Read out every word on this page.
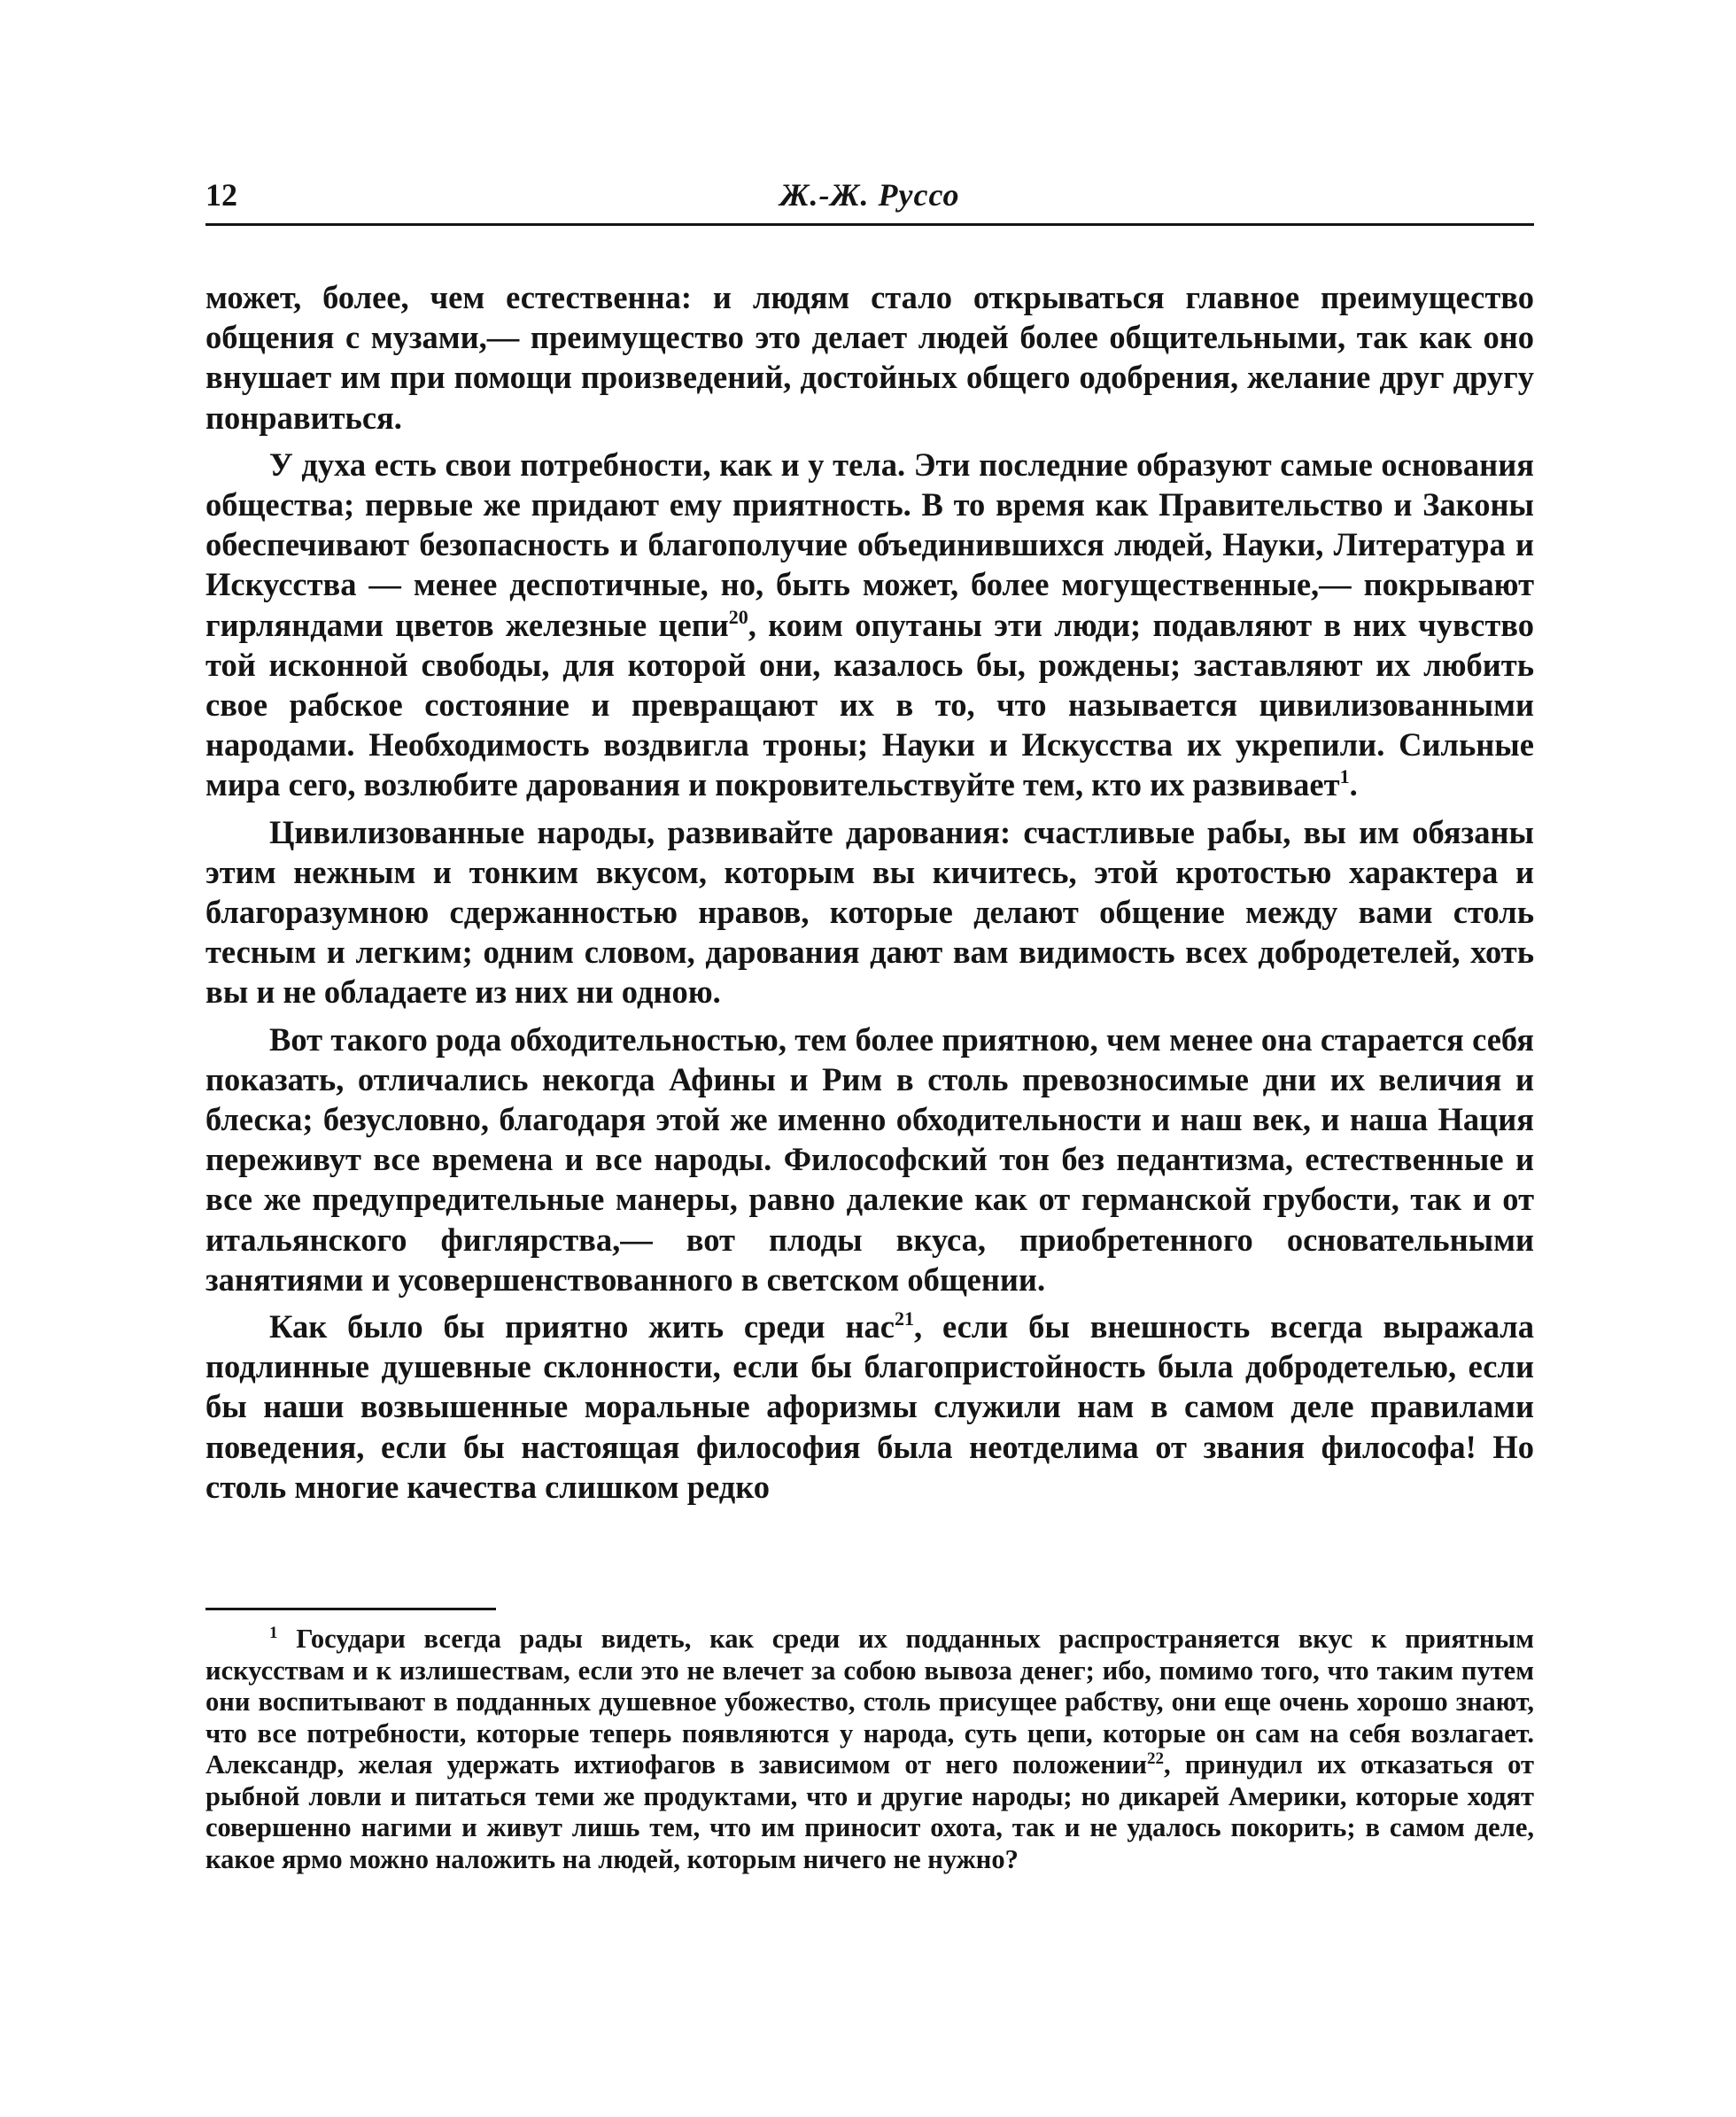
12	Ж.-Ж. Руссо

может, более, чем естественна: и людям стало открываться главное преимущество общения с музами,— преимущество это делает людей более общительными, так как оно внушает им при помощи произведений, достойных общего одобрения, желание друг другу понравиться.

У духа есть свои потребности, как и у тела. Эти последние образуют самые основания общества; первые же придают ему приятность. В то время как Правительство и Законы обеспечивают безопасность и благополучие объединившихся людей, Науки, Литература и Искусства — менее деспотичные, но, быть может, более могущественные,— покрывают гирляндами цветов железные цепи$^{20}$, коим опутаны эти люди; подавляют в них чувство той исконной свободы, для которой они, казалось бы, рождены; заставляют их любить свое рабское состояние и превращают их в то, что называется цивилизованными народами. Необходимость воздвигла троны; Науки и Искусства их укрепили. Сильные мира сего, возлюбите дарования и покровительствуйте тем, кто их развивает$^1$.

Цивилизованные народы, развивайте дарования: счастливые рабы, вы им обязаны этим нежным и тонким вкусом, которым вы кичитесь, этой кротостью характера и благоразумною сдержанностью нравов, которые делают общение между вами столь тесным и легким; одним словом, дарования дают вам видимость всех добродетелей, хоть вы и не обладаете из них ни одною.

Вот такого рода обходительностью, тем более приятною, чем менее она старается себя показать, отличались некогда Афины и Рим в столь превозносимые дни их величия и блеска; безусловно, благодаря этой же именно обходительности и наш век, и наша Нация переживут все времена и все народы. Философский тон без педантизма, естественные и все же предупредительные манеры, равно далекие как от германской грубости, так и от итальянского фиглярства,— вот плоды вкуса, приобретенного основательными занятиями и усовершенствованного в светском общении.

Как было бы приятно жить среди нас$^{21}$, если бы внешность всегда выражала подлинные душевные склонности, если бы благопристойность была добродетелью, если бы наши возвышенные моральные афоризмы служили нам в самом деле правилами поведения, если бы настоящая философия была неотделима от звания философа! Но столь многие качества слишком редко

$^1$ Государи всегда рады видеть, как среди их подданных распространяется вкус к приятным искусствам и к излишествам, если это не влечет за собою вывоза денег; ибо, помимо того, что таким путем они воспитывают в подданных душевное убожество, столь присущее рабству, они еще очень хорошо знают, что все потребности, которые теперь появляются у народа, суть цепи, которые он сам на себя возлагает. Александр, желая удержать ихтиофагов в зависимом от него положении$^{22}$, принудил их отказаться от рыбной ловли и питаться теми же продуктами, что и другие народы; но дикарей Америки, которые ходят совершенно нагими и живут лишь тем, что им приносит охота, так и не удалось покорить; в самом деле, какое ярмо можно наложить на людей, которым ничего не нужно?
